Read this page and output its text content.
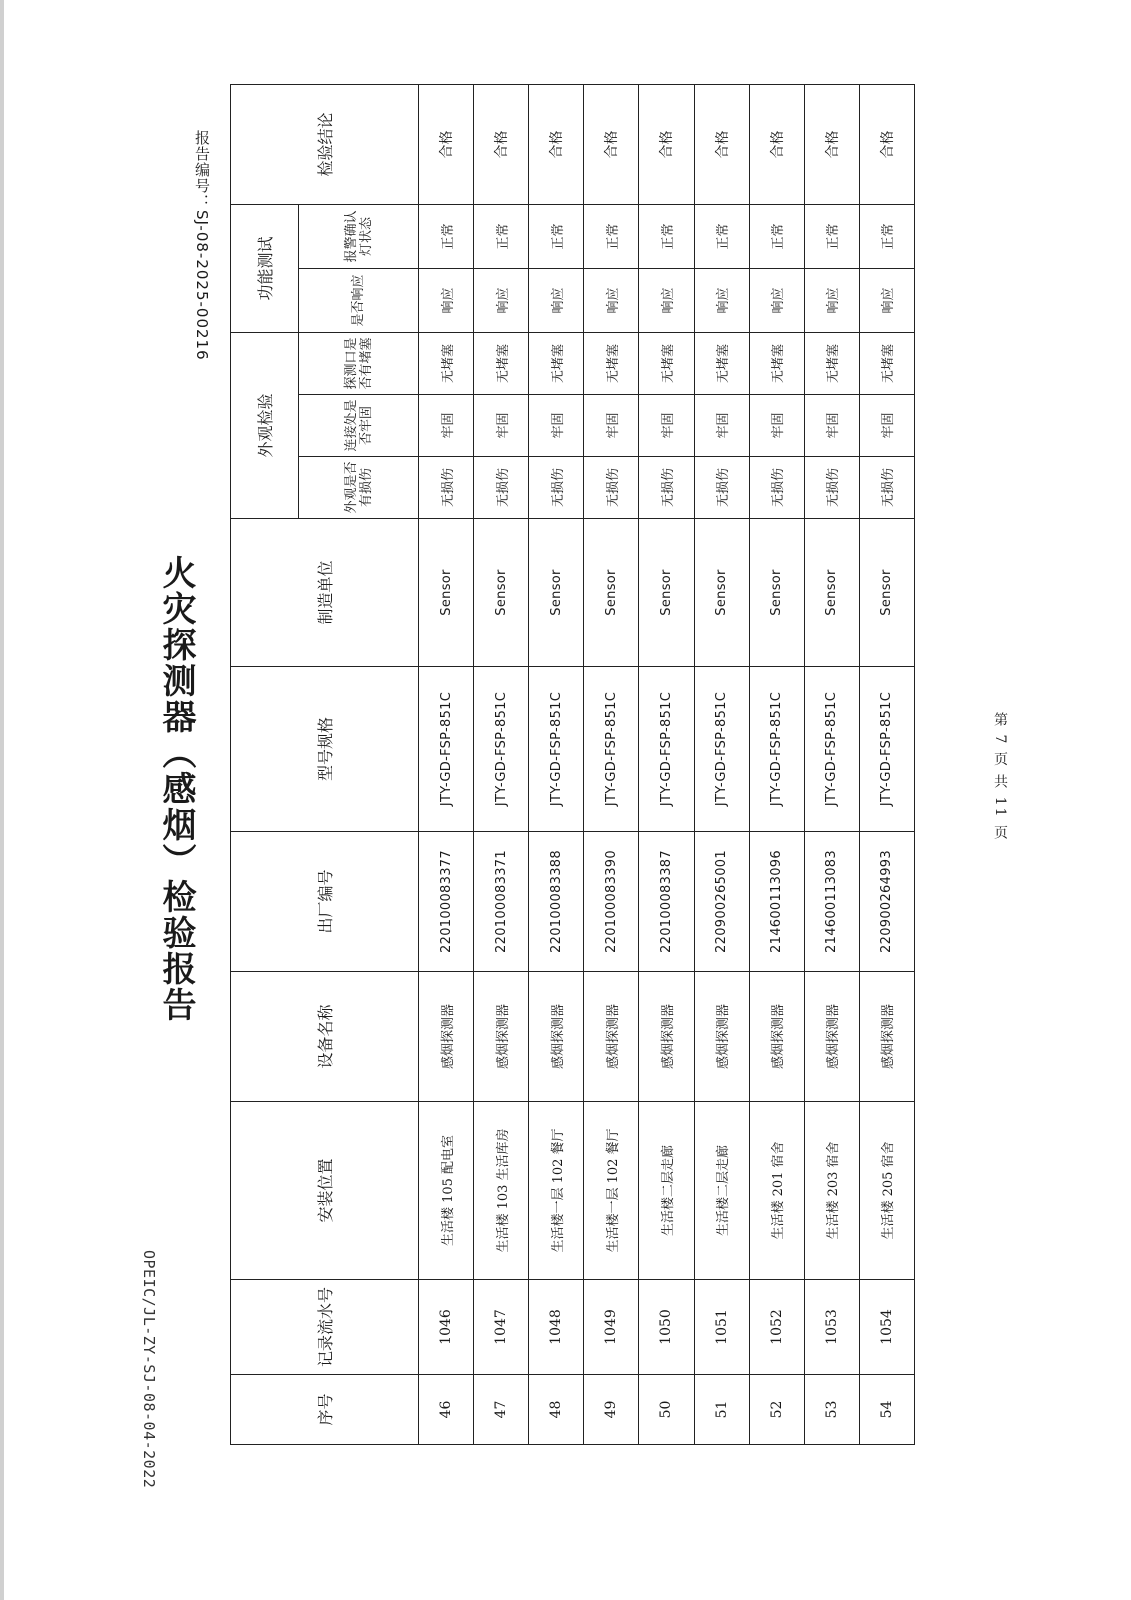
OPEIC/JL-ZY-SJ-08-04-2022
火灾探测器（感烟）检验报告
报告编号：SJ-08-2025-00216
第 7 页 共 11 页
序号	记录流水号	安装位置	设备名称	出厂编号	型号规格	制造单位	外观检验			功能测试		检验结论
							外观是否有损伤	连接处是否牢固	探测口是否有堵塞	是否响应	报警确认灯状态	

46	1046	生活楼 105 配电室	感烟探测器	220100083377	JTY-GD-FSP-851C	Sensor	无损伤	牢固	无堵塞	响应	正常	合格
47	1047	生活楼 103 生活库房	感烟探测器	220100083371	JTY-GD-FSP-851C	Sensor	无损伤	牢固	无堵塞	响应	正常	合格
48	1048	生活楼一层 102 餐厅	感烟探测器	220100083388	JTY-GD-FSP-851C	Sensor	无损伤	牢固	无堵塞	响应	正常	合格
49	1049	生活楼一层 102 餐厅	感烟探测器	220100083390	JTY-GD-FSP-851C	Sensor	无损伤	牢固	无堵塞	响应	正常	合格
50	1050	生活楼二层走廊	感烟探测器	220100083387	JTY-GD-FSP-851C	Sensor	无损伤	牢固	无堵塞	响应	正常	合格
51	1051	生活楼二层走廊	感烟探测器	220900265001	JTY-GD-FSP-851C	Sensor	无损伤	牢固	无堵塞	响应	正常	合格
52	1052	生活楼 201 宿舍	感烟探测器	214600113096	JTY-GD-FSP-851C	Sensor	无损伤	牢固	无堵塞	响应	正常	合格
53	1053	生活楼 203 宿舍	感烟探测器	214600113083	JTY-GD-FSP-851C	Sensor	无损伤	牢固	无堵塞	响应	正常	合格
54	1054	生活楼 205 宿舍	感烟探测器	220900264993	JTY-GD-FSP-851C	Sensor	无损伤	牢固	无堵塞	响应	正常	合格
